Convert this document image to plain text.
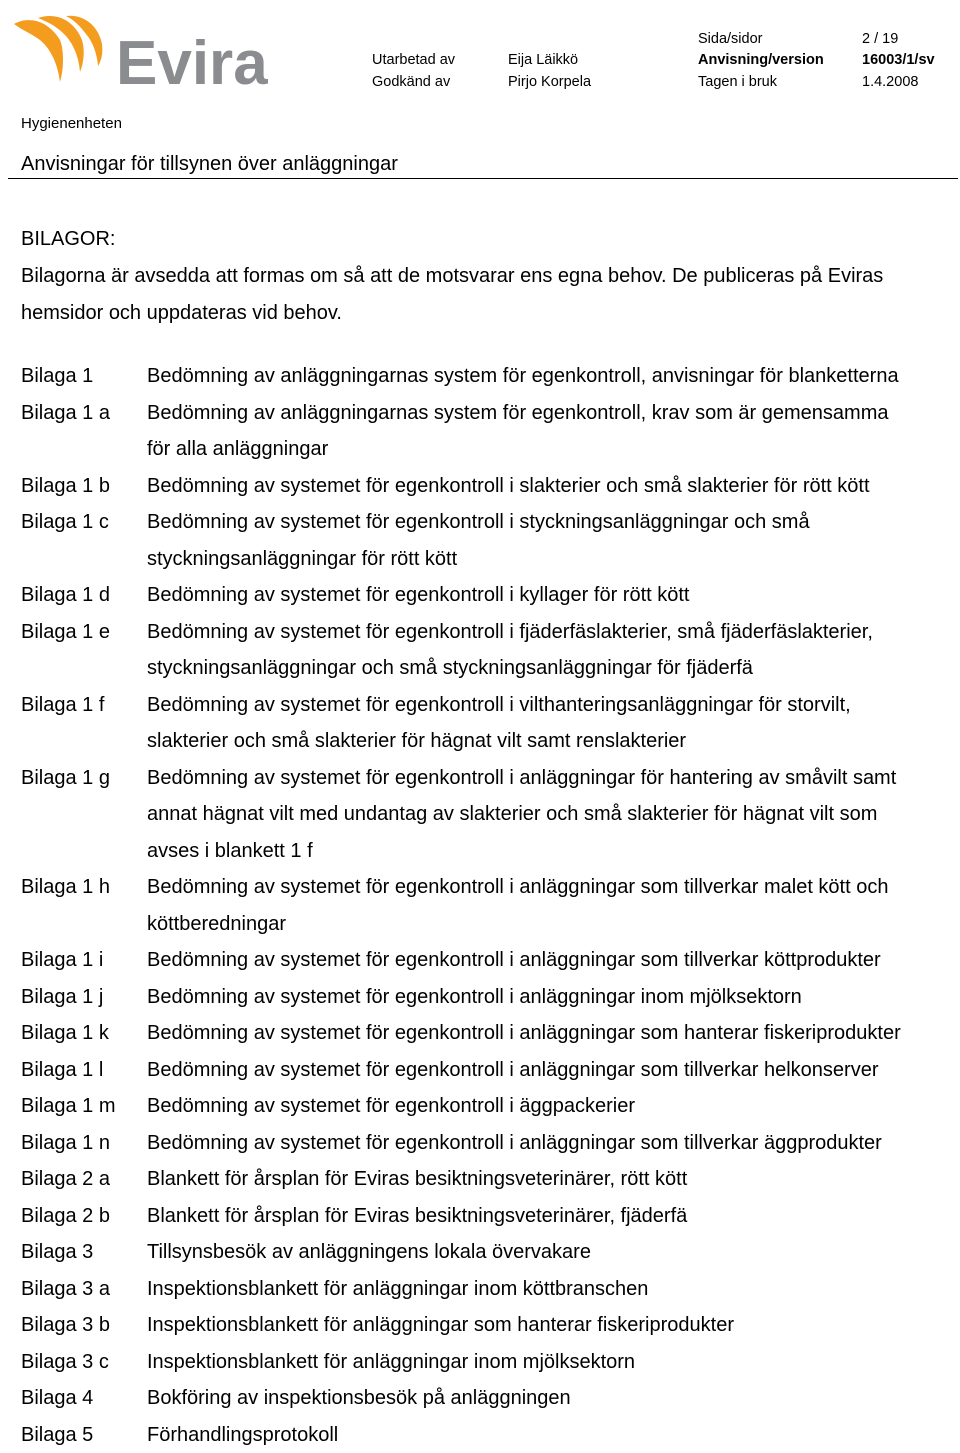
Evira	Sida/sidor	2 / 19
Utarbetad av	Eija Läikkö	Anvisning/version	16003/1/sv
Godkänd av	Pirjo Korpela	Tagen i bruk	1.4.2008
Hygienenheten
Anvisningar för tillsynen över anläggningar
BILAGOR:
Bilagorna är avsedda att formas om så att de motsvarar ens egna behov. De publiceras på Eviras
hemsidor och uppdateras vid behov.
Bilaga 1	Bedömning av anläggningarnas system för egenkontroll, anvisningar för blanketterna
Bilaga 1 a	Bedömning av anläggningarnas system för egenkontroll, krav som är gemensamma
för alla anläggningar
Bilaga 1 b	Bedömning av systemet för egenkontroll i slakterier och små slakterier för rött kött
Bilaga 1 c	Bedömning av systemet för egenkontroll i styckningsanläggningar och små
styckningsanläggningar för rött kött
Bilaga 1 d	Bedömning av systemet för egenkontroll i kyllager för rött kött
Bilaga 1 e	Bedömning av systemet för egenkontroll i fjäderfäslakterier, små fjäderfäslakterier,
styckningsanläggningar och små styckningsanläggningar för fjäderfä
Bilaga 1 f	Bedömning av systemet för egenkontroll i vilthanteringsanläggningar för storvilt,
slakterier och små slakterier för hägnat vilt samt renslakterier
Bilaga 1 g	Bedömning av systemet för egenkontroll i anläggningar för hantering av småvilt samt
annat hägnat vilt med undantag av slakterier och små slakterier för hägnat vilt som
avses i blankett 1 f
Bilaga 1 h	Bedömning av systemet för egenkontroll i anläggningar som tillverkar malet kött och
köttberedningar
Bilaga 1 i	Bedömning av systemet för egenkontroll i anläggningar som tillverkar köttprodukter
Bilaga 1 j	Bedömning av systemet för egenkontroll i anläggningar inom mjölksektorn
Bilaga 1 k	Bedömning av systemet för egenkontroll i anläggningar som hanterar fiskeriprodukter
Bilaga 1 l	Bedömning av systemet för egenkontroll i anläggningar som tillverkar helkonserver
Bilaga 1 m	Bedömning av systemet för egenkontroll i äggpackerier
Bilaga 1 n	Bedömning av systemet för egenkontroll i anläggningar som tillverkar äggprodukter
Bilaga 2 a	Blankett för årsplan för Eviras besiktningsveterinärer, rött kött
Bilaga 2 b	Blankett för årsplan för Eviras besiktningsveterinärer, fjäderfä
Bilaga 3	Tillsynsbesök av anläggningens lokala övervakare
Bilaga 3 a	Inspektionsblankett för anläggningar inom köttbranschen
Bilaga 3 b	Inspektionsblankett för anläggningar som hanterar fiskeriprodukter
Bilaga 3 c	Inspektionsblankett för anläggningar inom mjölksektorn
Bilaga 4	Bokföring av inspektionsbesök på anläggningen
Bilaga 5	Förhandlingsprotokoll
